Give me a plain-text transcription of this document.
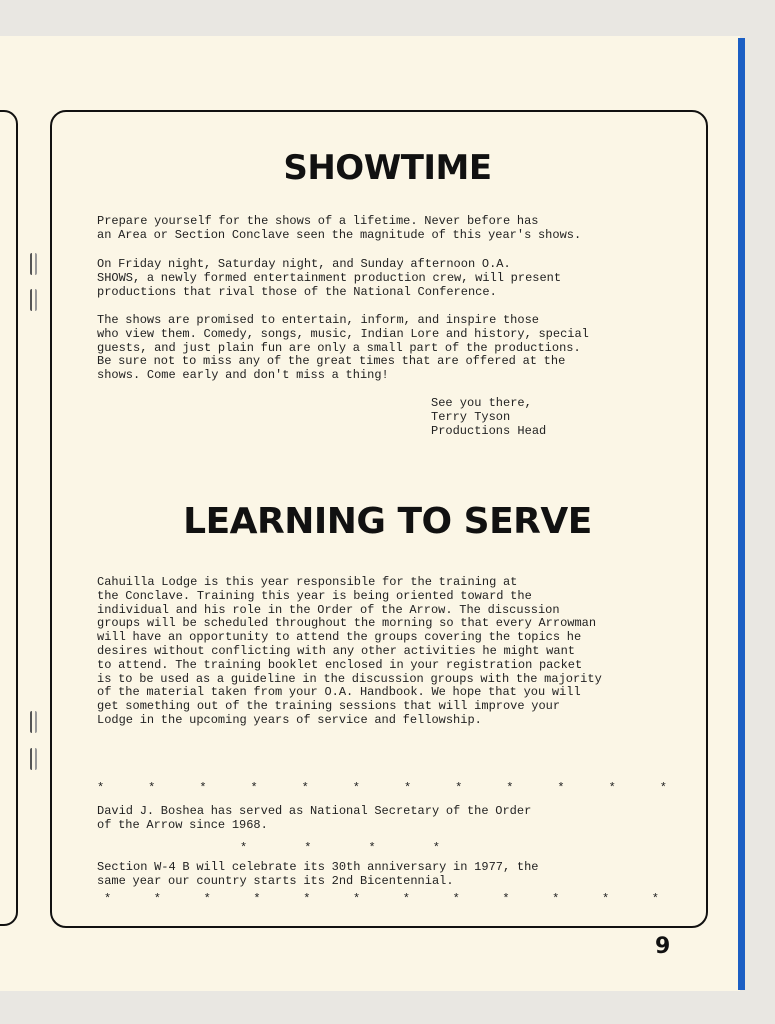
SHOWTIME

Prepare yourself for the shows of a lifetime. Never before has
an Area or Section Conclave seen the magnitude of this year's shows.

On Friday night, Saturday night, and Sunday afternoon O.A.
SHOWS, a newly formed entertainment production crew, will present
productions that rival those of the National Conference.

The shows are promised to entertain, inform, and inspire those
who view them. Comedy, songs, music, Indian Lore and history, special
guests, and just plain fun are only a small part of the productions.
Be sure not to miss any of the great times that are offered at the
shows. Come early and don't miss a thing!

See you there,
Terry Tyson
Productions Head
LEARNING TO SERVE

Cahuilla Lodge is this year responsible for the training at
the Conclave. Training this year is being oriented toward the
individual and his role in the Order of the Arrow. The discussion
groups will be scheduled throughout the morning so that every Arrowman
will have an opportunity to attend the groups covering the topics he
desires without conflicting with any other activities he might want
to attend. The training booklet enclosed in your registration packet
is to be used as a guideline in the discussion groups with the majority
of the material taken from your O.A. Handbook. We hope that you will
get something out of the training sessions that will improve your
Lodge in the upcoming years of service and fellowship.

*	*	*	*	*	*	*	*	*	*	*	*

David J. Boshea has served as National Secretary of the Order
of the Arrow since 1968.

*	*	*	*

Section W-4 B will celebrate its 30th anniversary in 1977, the
same year our country starts its 2nd Bicentennial.

*	*	*	*	*	*	*	*	*	*	*	*
9
